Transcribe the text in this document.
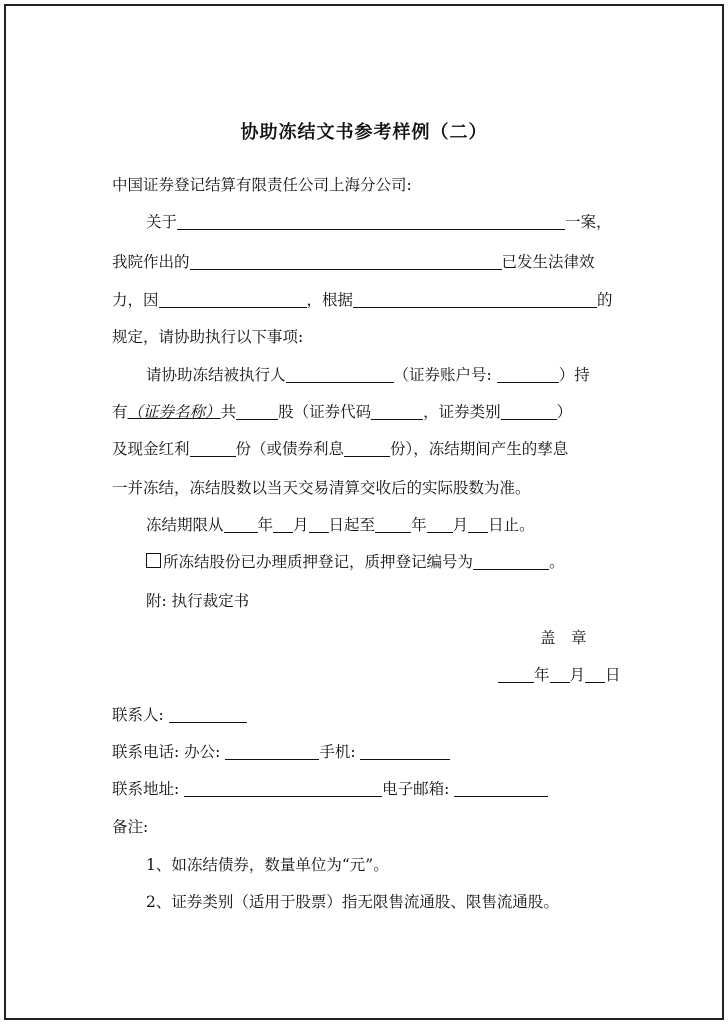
协助冻结文书参考样例（二）
中国证券登记结算有限责任公司上海分公司:
关于	一案，
我院作出的	已发生法律效
力，因	，根据	的
规定，请协助执行以下事项:
请协助冻结被执行人	（证券账户号:	）持
有（证券名称）共	股（证券代码	，证券类别	）
及现金红利	份（或债券利息	份），冻结期间产生的孳息
一并冻结，冻结股数以当天交易清算交收后的实际股数为准。
冻结期限从 年 月 日起至 年 月 日止。
所冻结股份已办理质押登记，质押登记编号为	。
附: 执行裁定书
盖　章
年 月 日
联系人:
联系电话: 办公:	手机:
联系地址:	电子邮箱:
备注:
1、如冻结债券，数量单位为“元”。
2、证券类别（适用于股票）指无限售流通股、限售流通股。
